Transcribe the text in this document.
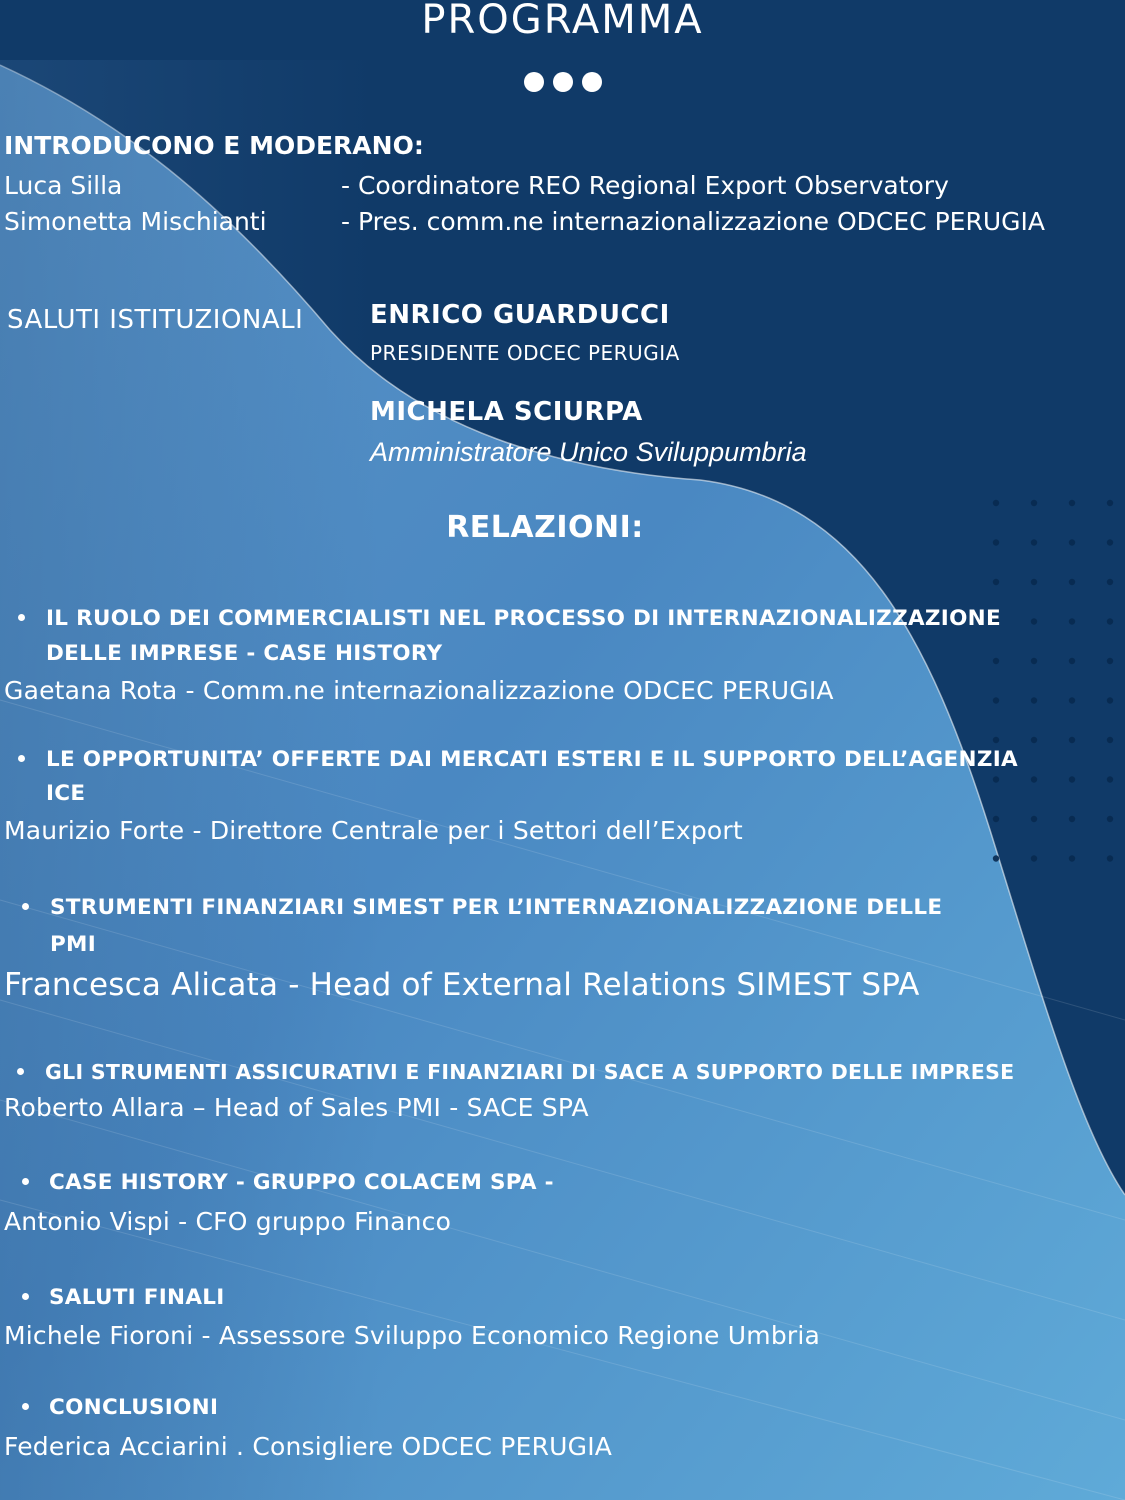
PROGRAMMA
INTRODUCONO E MODERANO:
Luca Silla	- Coordinatore REO Regional Export Observatory
Simonetta Mischianti	- Pres. comm.ne internazionalizzazione ODCEC PERUGIA
SALUTI ISTITUZIONALI	ENRICO GUARDUCCI
PRESIDENTE ODCEC PERUGIA
MICHELA SCIURPA
Amministratore Unico Sviluppumbria
RELAZIONI:
IL RUOLO DEI COMMERCIALISTI NEL PROCESSO DI INTERNAZIONALIZZAZIONE
DELLE IMPRESE - CASE HISTORY
Gaetana Rota - Comm.ne internazionalizzazione ODCEC PERUGIA
LE OPPORTUNITA’ OFFERTE DAI MERCATI ESTERI E IL SUPPORTO DELL’AGENZIA
ICE
Maurizio Forte - Direttore Centrale per i Settori dell’Export
STRUMENTI FINANZIARI SIMEST PER L’INTERNAZIONALIZZAZIONE DELLE
PMI
Francesca Alicata - Head of External Relations SIMEST SPA
GLI STRUMENTI ASSICURATIVI E FINANZIARI DI SACE A SUPPORTO DELLE IMPRESE
Roberto Allara – Head of Sales PMI - SACE SPA
CASE HISTORY - GRUPPO COLACEM SPA -
Antonio Vispi - CFO gruppo Financo
SALUTI FINALI
Michele Fioroni - Assessore Sviluppo Economico Regione Umbria
CONCLUSIONI
Federica Acciarini . Consigliere ODCEC PERUGIA
